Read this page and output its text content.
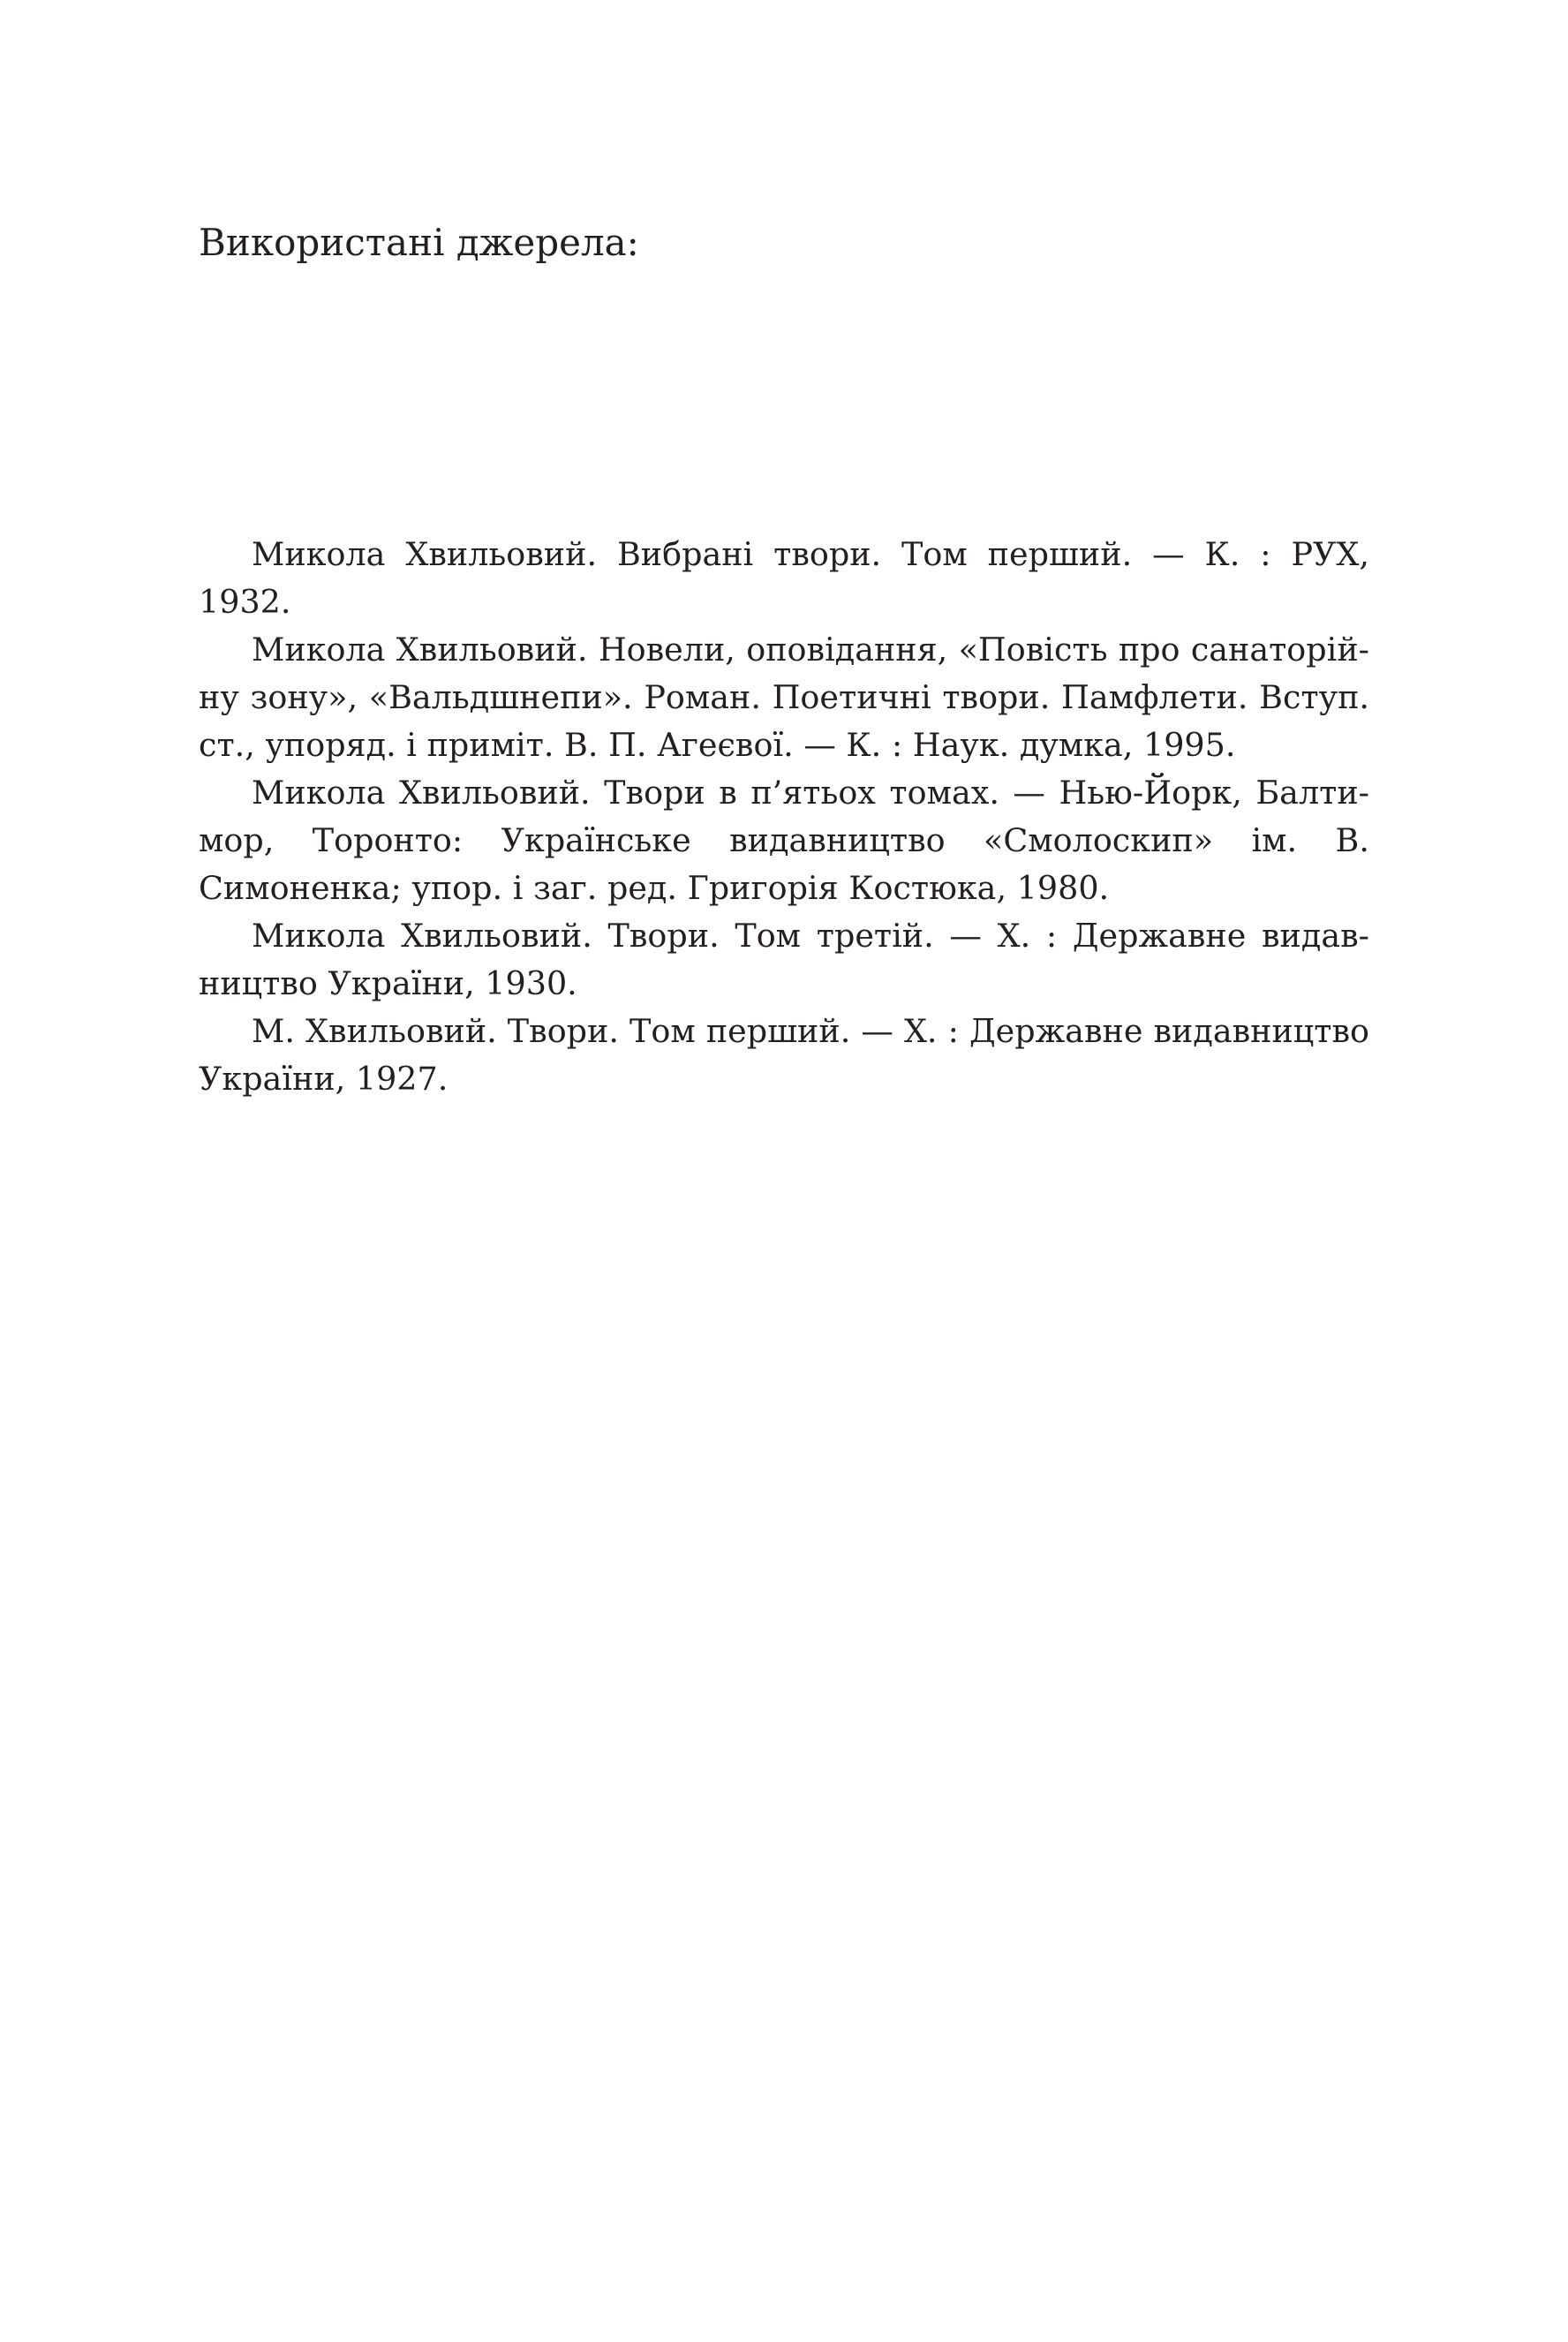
Використані джерела:
Микола Хвильовий. Вибрані твори. Том перший. — К. : РУХ, 1932.
Микола Хвильовий. Новели, оповідання, «Повість про санаторійну зону», «Вальдшнепи». Роман. Поетичні твори. Памфлети. Вступ. ст., упоряд. і приміт. В. П. Агеєвої. — К. : Наук. думка, 1995.
Микола Хвильовий. Твори в п’ятьох томах. — Нью-Йорк, Балтимор, Торонто: Українське видавництво «Смолоскип» ім. В. Симоненка; упор. і заг. ред. Григорія Костюка, 1980.
Микола Хвильовий. Твори. Том третій. — Х. : Державне видавництво України, 1930.
М. Хвильовий. Твори. Том перший. — Х. : Державне видавництво України, 1927.
